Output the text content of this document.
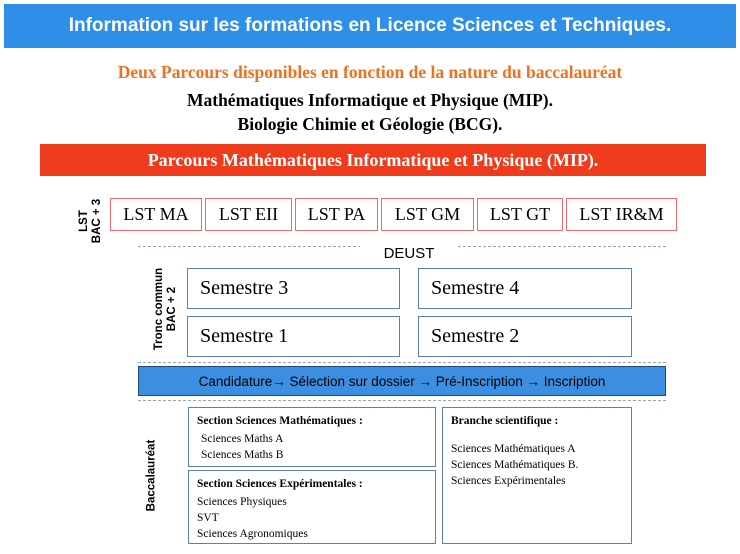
Information sur les formations en Licence Sciences et Techniques.
Deux Parcours disponibles en fonction de la nature du baccalauréat
Mathématiques Informatique et Physique (MIP).
Biologie Chimie et Géologie (BCG).
Parcours Mathématiques Informatique et Physique (MIP).
LST BAC + 3	LST MA	LST EII	LST PA	LST GM	LST GT	LST IR&M
Tronc commun BAC + 2
DEUST
Semestre 3	Semestre 4
Semestre 1	Semestre 2
Candidature→ Sélection sur dossier → Pré-Inscription → Inscription
Baccalauréat
Section Sciences Mathématiques :
Sciences Maths A
Sciences Maths B
Section Sciences Expérimentales :
Sciences Physiques
SVT
Sciences Agronomiques
Branche scientifique :
Sciences Mathématiques A
Sciences Mathématiques B.
Sciences Expérimentales
